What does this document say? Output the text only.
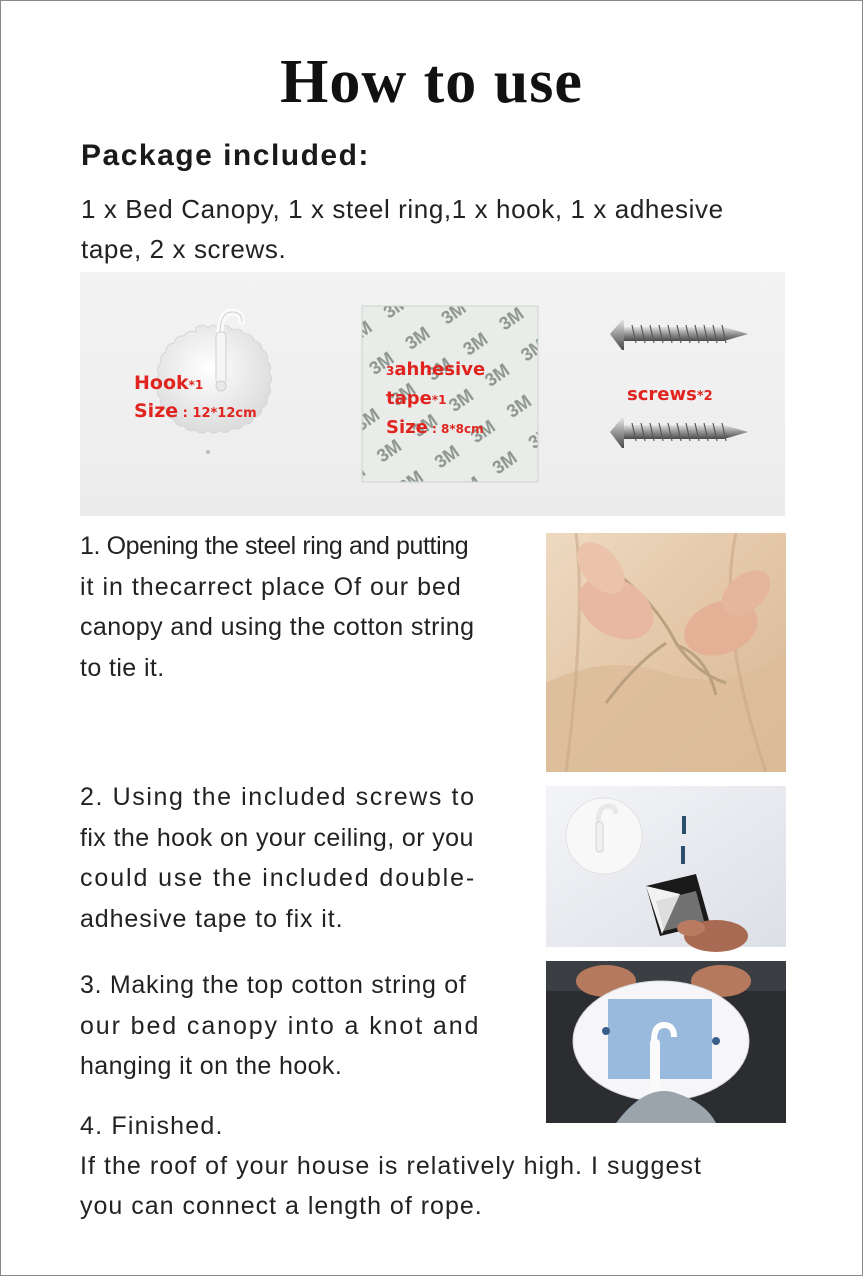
How to use
Package included:
1 x Bed Canopy, 1 x steel ring,1 x hook, 1 x adhesive
tape, 2 x screws.
3M
Hook*1
Size : 12*12cm
3ahhesive
tape*1
Size : 8*8cm
screws*2
1. Opening the steel ring and putting
it in thecarrect place Of our bed
canopy and using the cotton string
to tie it.
2. Using the included screws to
fix the hook on your ceiling, or you
could use the included double-
adhesive tape to fix it.
3. Making the top cotton string of
our bed canopy into a knot and
hanging it on the hook.
4. Finished.
If the roof of your house is relatively high. I suggest
you can connect a length of rope.
